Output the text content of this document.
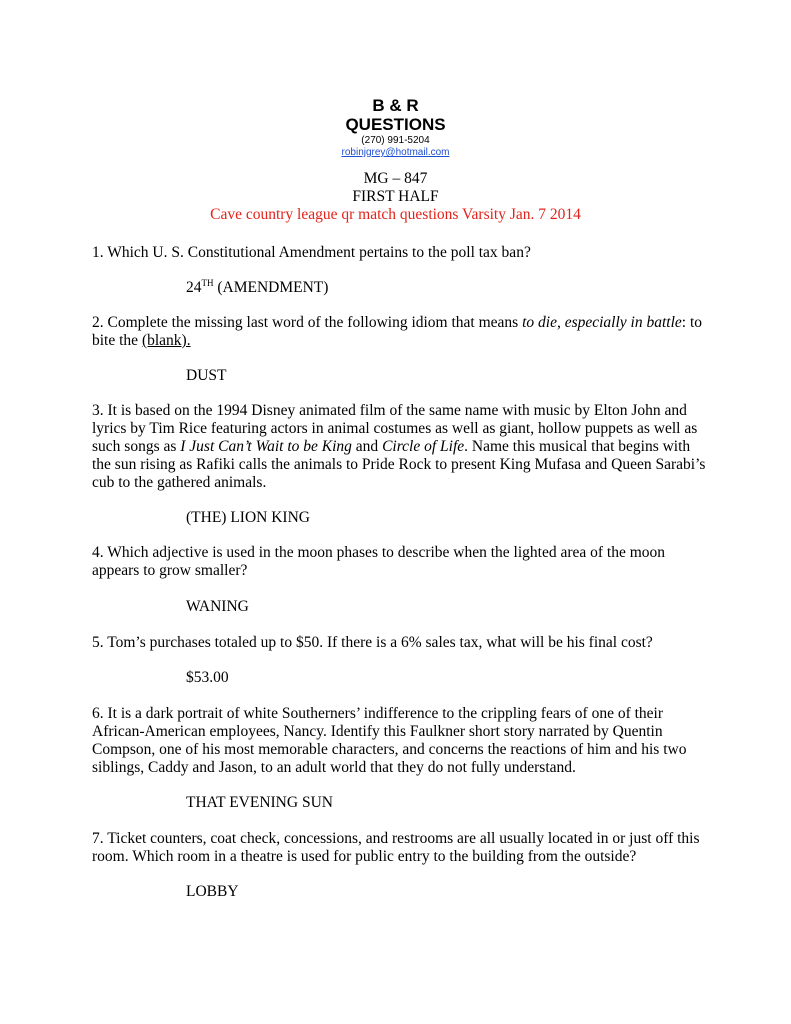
B & R
QUESTIONS
(270) 991-5204
robinjgrey@hotmail.com
MG – 847
FIRST HALF
Cave country league qr match questions Varsity Jan. 7 2014
1. Which U. S. Constitutional Amendment pertains to the poll tax ban?
24TH (AMENDMENT)
2. Complete the missing last word of the following idiom that means to die, especially in battle: to bite the (blank).
DUST
3. It is based on the 1994 Disney animated film of the same name with music by Elton John and lyrics by Tim Rice featuring actors in animal costumes as well as giant, hollow puppets as well as such songs as I Just Can’t Wait to be King and Circle of Life. Name this musical that begins with the sun rising as Rafiki calls the animals to Pride Rock to present King Mufasa and Queen Sarabi’s cub to the gathered animals.
(THE) LION KING
4. Which adjective is used in the moon phases to describe when the lighted area of the moon appears to grow smaller?
WANING
5. Tom’s purchases totaled up to $50. If there is a 6% sales tax, what will be his final cost?
$53.00
6. It is a dark portrait of white Southerners’ indifference to the crippling fears of one of their African-American employees, Nancy. Identify this Faulkner short story narrated by Quentin Compson, one of his most memorable characters, and concerns the reactions of him and his two siblings, Caddy and Jason, to an adult world that they do not fully understand.
THAT EVENING SUN
7. Ticket counters, coat check, concessions, and restrooms are all usually located in or just off this room. Which room in a theatre is used for public entry to the building from the outside?
LOBBY
